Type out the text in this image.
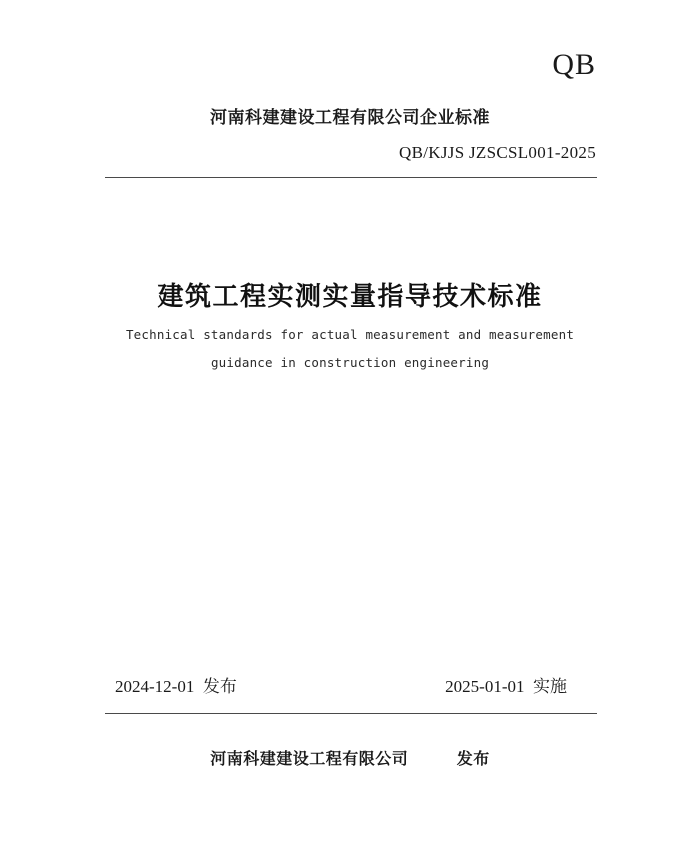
QB
河南科建建设工程有限公司企业标准
QB/KJJS JZSCSL001-2025
建筑工程实测实量指导技术标准
Technical standards for actual measurement and measurement
guidance in construction engineering
2024-12-01  发布	2025-01-01  实施
河南科建建设工程有限公司        发布
